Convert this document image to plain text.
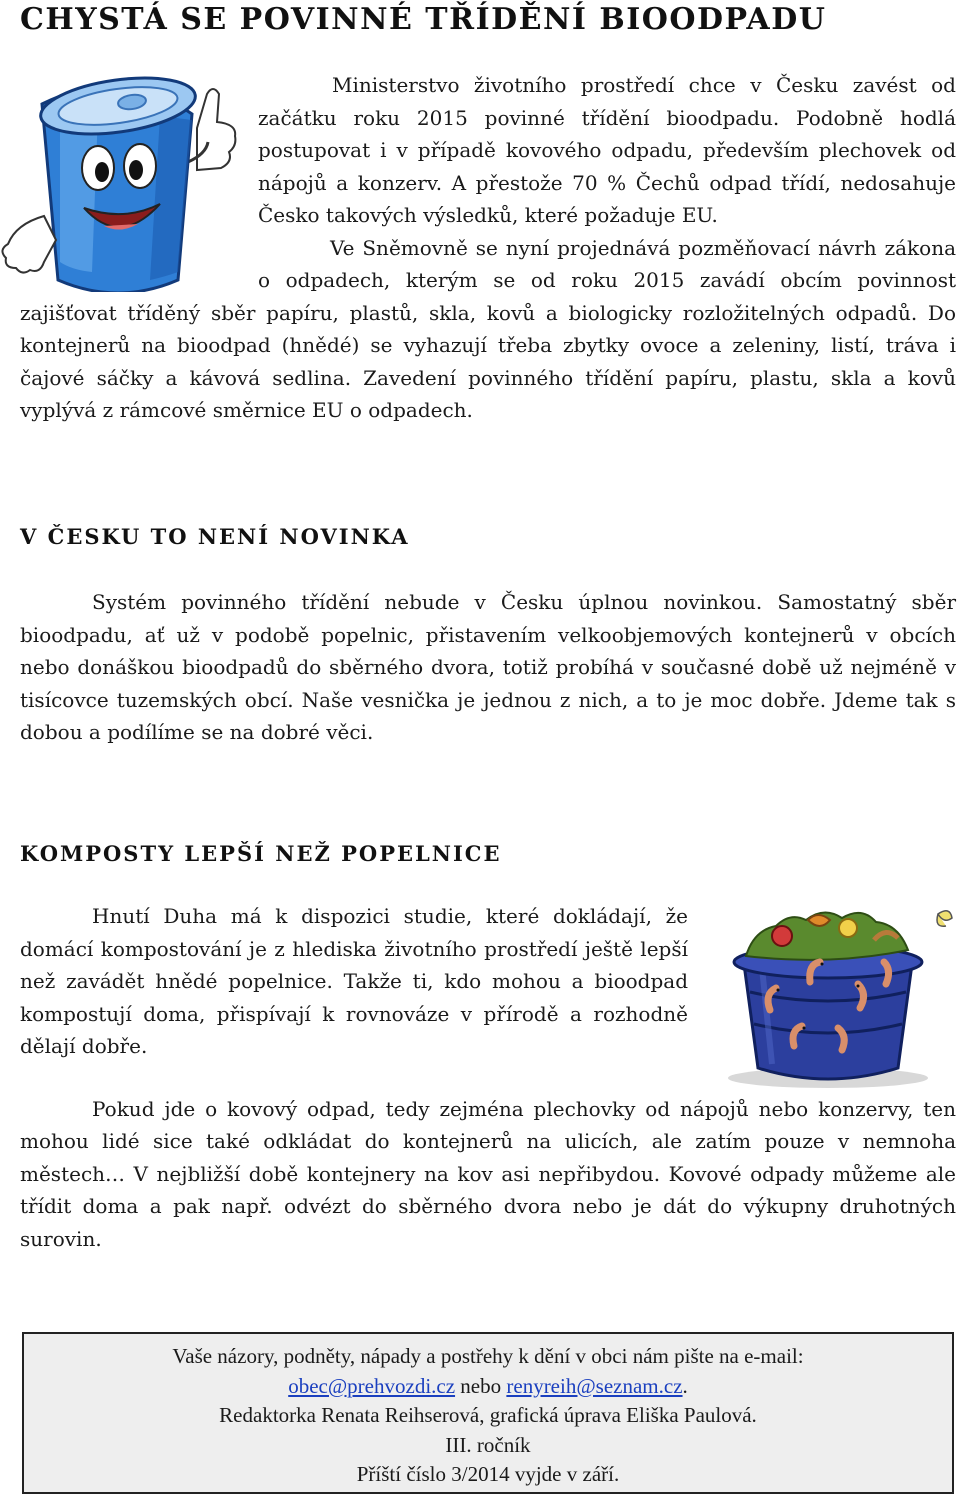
CHYSTÁ SE POVINNÉ TŘÍDĚNÍ BIOODPADU

Ministerstvo životního prostředí chce v Česku zavést od začátku roku 2015 povinné třídění bioodpadu. Podobně hodlá postupovat i v případě kovového odpadu, především plechovek od nápojů a konzerv. A přestože 70 % Čechů odpad třídí, nedosahuje Česko takových výsledků, které požaduje EU.

Ve Sněmovně se nyní projednává pozměňovací návrh zákona o odpadech, kterým se od roku 2015 zavádí obcím povinnost zajišťovat tříděný sběr papíru, plastů, skla, kovů a biologicky rozložitelných odpadů. Do kontejnerů na bioodpad (hnědé) se vyhazují třeba zbytky ovoce a zeleniny, listí, tráva i čajové sáčky a kávová sedlina. Zavedení povinného třídění papíru, plastu, skla a kovů vyplývá z rámcové směrnice EU o odpadech.

V ČESKU TO NENÍ NOVINKA

Systém povinného třídění nebude v Česku úplnou novinkou. Samostatný sběr bioodpadu, ať už v podobě popelnic, přistavením velkoobjemových kontejnerů v obcích nebo donáškou bioodpadů do sběrného dvora, totiž probíhá v současné době už nejméně v tisícovce tuzemských obcí. Naše vesnička je jednou z nich, a to je moc dobře. Jdeme tak s dobou a podílíme se na dobré věci.

KOMPOSTY LEPŠÍ NEŽ POPELNICE

Hnutí Duha má k dispozici studie, které dokládají, že domácí kompostování je z hlediska životního prostředí ještě lepší než zavádět hnědé popelnice. Takže ti, kdo mohou a bioodpad kompostují doma, přispívají k rovnováze v přírodě a rozhodně dělají dobře.

Pokud jde o kovový odpad, tedy zejména plechovky od nápojů nebo konzervy, ten mohou lidé sice také odkládat do kontejnerů na ulicích, ale zatím pouze v nemnoha městech… V nejbližší době kontejnery na kov asi nepřibydou. Kovové odpady můžeme ale třídit doma a pak např. odvézt do sběrného dvora nebo je dát do výkupny druhotných surovin.

Vaše názory, podněty, nápady a postřehy k dění v obci nám pište na e-mail:
obec@prehvozdi.cz nebo renyreih@seznam.cz.
Redaktorka Renata Reihserová, grafická úprava Eliška Paulová.
III. ročník
Příští číslo 3/2014 vyjde v září.
